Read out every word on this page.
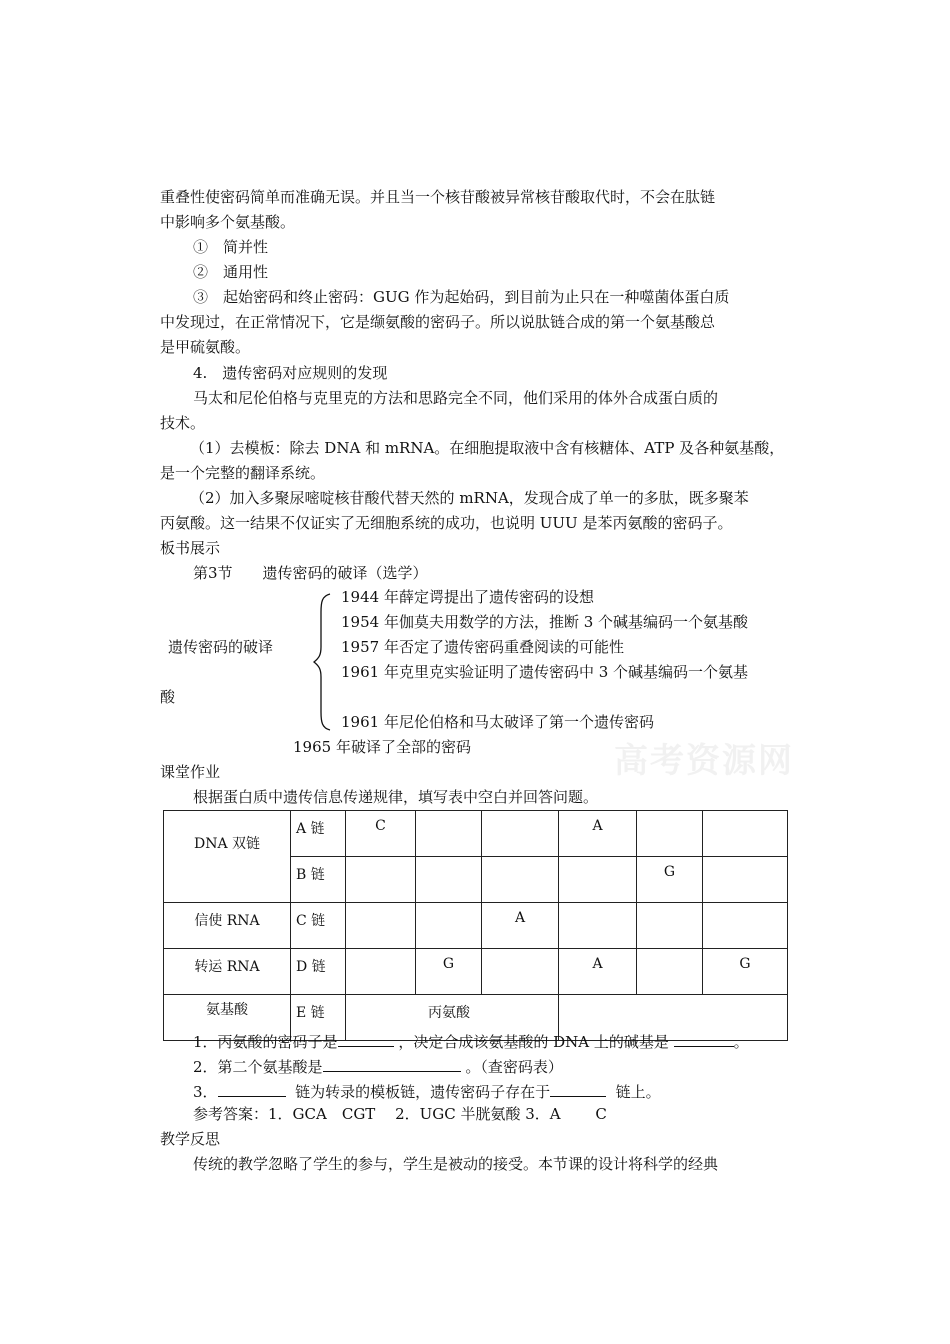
高考资源网
重叠性使密码简单而准确无误。并且当一个核苷酸被异常核苷酸取代时，不会在肽链
中影响多个氨基酸。
①　简并性
②　通用性
③　起始密码和终止密码：GUG 作为起始码，到目前为止只在一种噬菌体蛋白质
中发现过，在正常情况下，它是缬氨酸的密码子。所以说肽链合成的第一个氨基酸总
是甲硫氨酸。
4.　遗传密码对应规则的发现
马太和尼伦伯格与克里克的方法和思路完全不同，他们采用的体外合成蛋白质的
技术。
（1）去模板：除去 DNA 和 mRNA。在细胞提取液中含有核糖体、ATP 及各种氨基酸，
是一个完整的翻译系统。
（2）加入多聚尿嘧啶核苷酸代替天然的 mRNA，发现合成了单一的多肽，既多聚苯
丙氨酸。这一结果不仅证实了无细胞系统的成功，也说明 UUU 是苯丙氨酸的密码子。
板书展示
第3节　　遗传密码的破译（选学）
遗传密码的破译
酸
1944 年薛定谔提出了遗传密码的设想
1954 年伽莫夫用数学的方法，推断 3 个碱基编码一个氨基酸
1957 年否定了遗传密码重叠阅读的可能性
1961 年克里克实验证明了遗传密码中 3 个碱基编码一个氨基
1961 年尼伦伯格和马太破译了第一个遗传密码
1965 年破译了全部的密码
课堂作业
根据蛋白质中遗传信息传递规律，填写表中空白并回答问题。
DNA 双链	A 链	C			A		
	B 链					G	
信使 RNA	C 链			A			
转运 RNA	D 链		G		A		G
氨基酸	E 链	丙氨酸					
1．丙氨酸的密码子是	，决定合成该氨基酸的 DNA 上的碱基是	。
2．第二个氨基酸是	。（查密码表）
3．	链为转录的模板链，遗传密码子存在于	链上。
参考答案：1．GCA　CGT　 2．UGC 半胱氨酸 3．A　 　C
教学反思
传统的教学忽略了学生的参与，学生是被动的接受。本节课的设计将科学的经典
